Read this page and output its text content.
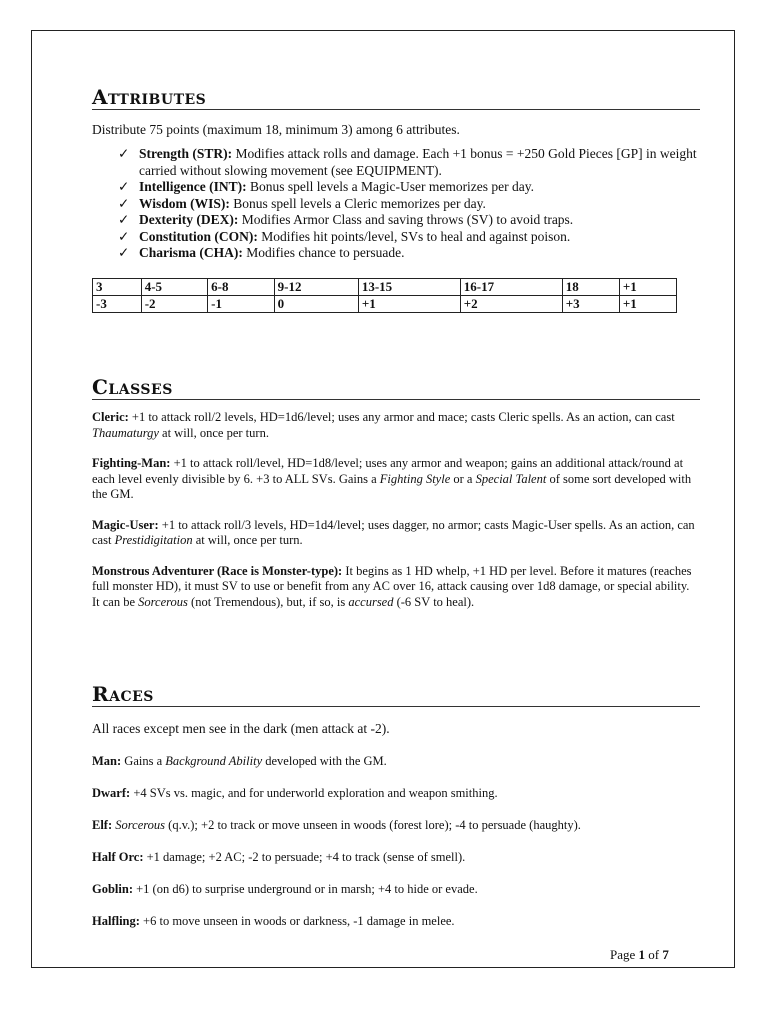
Attributes

Distribute 75 points (maximum 18, minimum 3) among 6 attributes.

✓ Strength (STR): Modifies attack rolls and damage. Each +1 bonus = +250 Gold Pieces [GP] in weight carried without slowing movement (see EQUIPMENT).
✓ Intelligence (INT): Bonus spell levels a Magic-User memorizes per day.
✓ Wisdom (WIS): Bonus spell levels a Cleric memorizes per day.
✓ Dexterity (DEX): Modifies Armor Class and saving throws (SV) to avoid traps.
✓ Constitution (CON): Modifies hit points/level, SVs to heal and against poison.
✓ Charisma (CHA): Modifies chance to persuade.
3	4-5	6-8	9-12	13-15	16-17	18	+1
-3	-2	-1	0	+1	+2	+3	+1
Classes

Cleric: +1 to attack roll/2 levels, HD=1d6/level; uses any armor and mace; casts Cleric spells. As an action, can cast Thaumaturgy at will, once per turn.

Fighting-Man: +1 to attack roll/level, HD=1d8/level; uses any armor and weapon; gains an additional attack/round at each level evenly divisible by 6. +3 to ALL SVs. Gains a Fighting Style or a Special Talent of some sort developed with the GM.

Magic-User: +1 to attack roll/3 levels, HD=1d4/level; uses dagger, no armor; casts Magic-User spells. As an action, can cast Prestidigitation at will, once per turn.

Monstrous Adventurer (Race is Monster-type): It begins as 1 HD whelp, +1 HD per level. Before it matures (reaches full monster HD), it must SV to use or benefit from any AC over 16, attack causing over 1d8 damage, or special ability. It can be Sorcerous (not Tremendous), but, if so, is accursed (-6 SV to heal).

Races

All races except men see in the dark (men attack at -2).

Man: Gains a Background Ability developed with the GM.

Dwarf: +4 SVs vs. magic, and for underworld exploration and weapon smithing.

Elf: Sorcerous (q.v.); +2 to track or move unseen in woods (forest lore); -4 to persuade (haughty).

Half Orc: +1 damage; +2 AC; -2 to persuade; +4 to track (sense of smell).

Goblin: +1 (on d6) to surprise underground or in marsh; +4 to hide or evade.

Halfling: +6 to move unseen in woods or darkness, -1 damage in melee.

Page 1 of 7
